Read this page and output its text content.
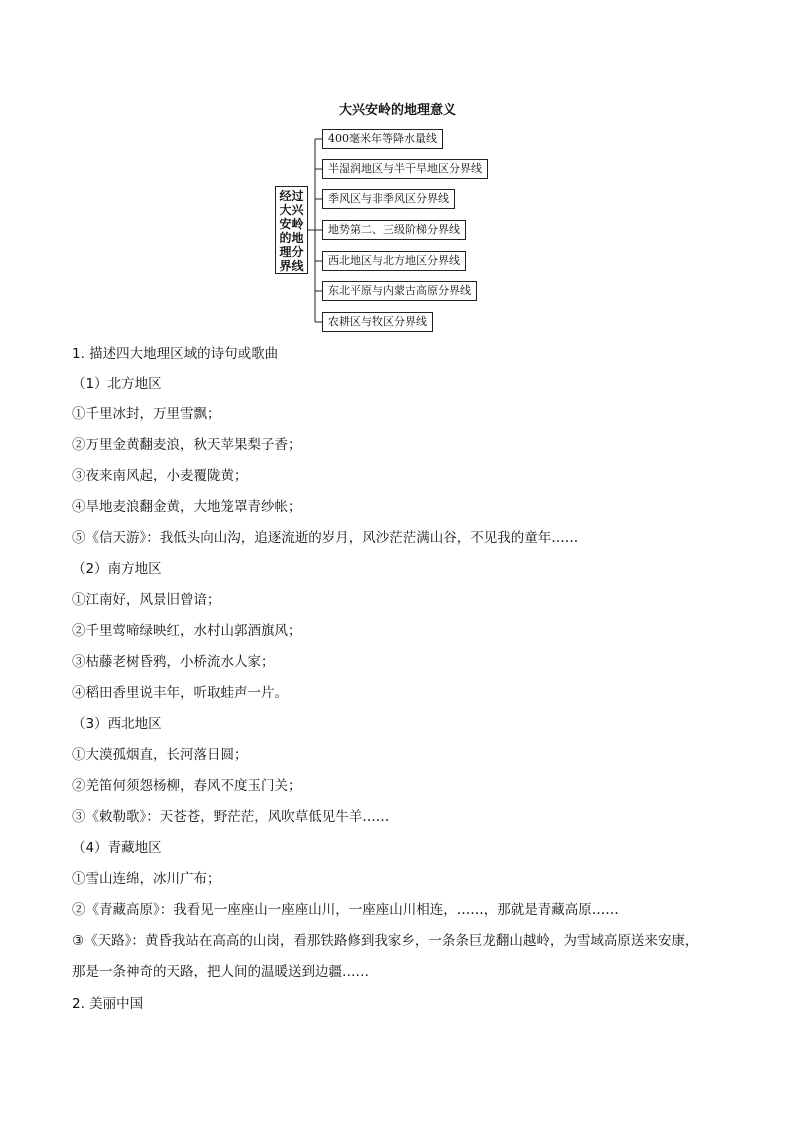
大兴安岭的地理意义
经过
大兴
安岭
的地
理分
界线
400毫米年等降水量线
半湿润地区与半干旱地区分界线
季风区与非季风区分界线
地势第二、三级阶梯分界线
西北地区与北方地区分界线
东北平原与内蒙古高原分界线
农耕区与牧区分界线
1. 描述四大地理区域的诗句或歌曲
（1）北方地区
①千里冰封，万里雪飘；
②万里金黄翻麦浪，秋天苹果梨子香；
③夜来南风起，小麦覆陇黄；
④旱地麦浪翻金黄，大地笼罩青纱帐；
⑤《信天游》：我低头向山沟，追逐流逝的岁月，风沙茫茫满山谷，不见我的童年……
（2）南方地区
①江南好，风景旧曾谙；
②千里莺啼绿映红，水村山郭酒旗风；
③枯藤老树昏鸦，小桥流水人家；
④稻田香里说丰年，听取蛙声一片。
（3）西北地区
①大漠孤烟直，长河落日圆；
②羌笛何须怨杨柳，春风不度玉门关；
③《敕勒歌》：天苍苍，野茫茫，风吹草低见牛羊……
（4）青藏地区
①雪山连绵，冰川广布；
②《青藏高原》：我看见一座座山一座座山川，一座座山川相连，……，那就是青藏高原……
③《天路》：黄昏我站在高高的山岗，看那铁路修到我家乡，一条条巨龙翻山越岭，为雪域高原送来安康，
那是一条神奇的天路，把人间的温暖送到边疆……
2. 美丽中国
